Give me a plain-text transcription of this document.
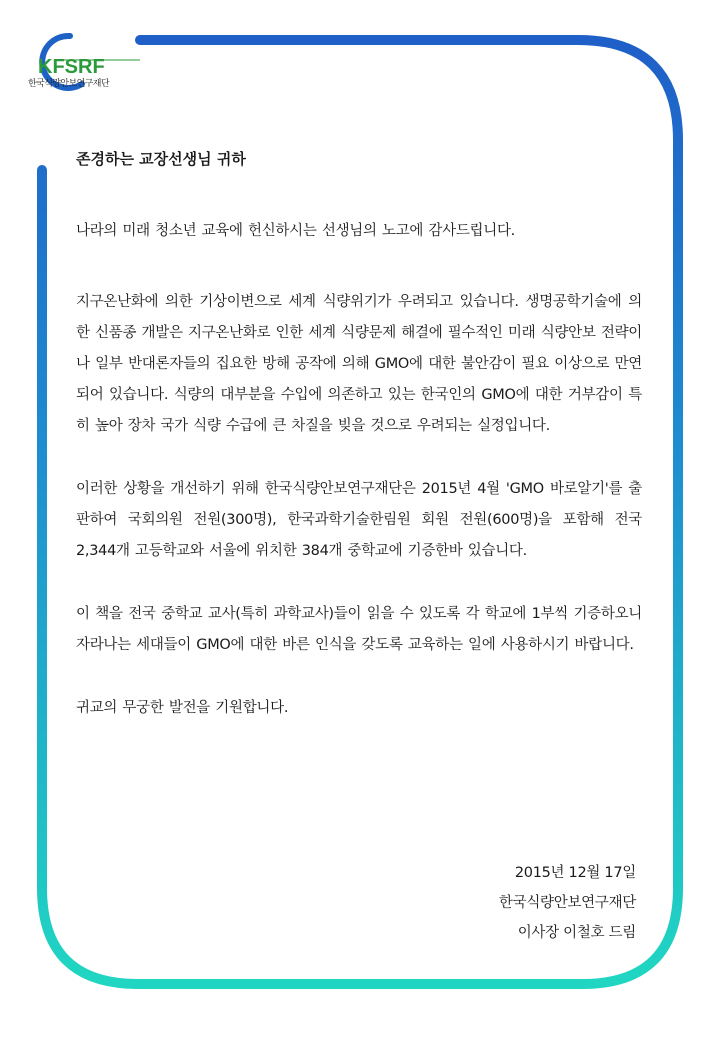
KFSRF
한국식량안보연구재단
존경하는 교장선생님 귀하

나라의 미래 청소년 교육에 헌신하시는 선생님의 노고에 감사드립니다.

지구온난화에 의한 기상이변으로 세계 식량위기가 우려되고 있습니다. 생명공학기술에 의한 신품종 개발은 지구온난화로 인한 세계 식량문제 해결에 필수적인 미래 식량안보 전략이나 일부 반대론자들의 집요한 방해 공작에 의해 GMO에 대한 불안감이 필요 이상으로 만연되어 있습니다. 식량의 대부분을 수입에 의존하고 있는 한국인의 GMO에 대한 거부감이 특히 높아 장차 국가 식량 수급에 큰 차질을 빚을 것으로 우려되는 실정입니다.

이러한 상황을 개선하기 위해 한국식량안보연구재단은 2015년 4월 'GMO 바로알기'를 출판하여 국회의원 전원(300명), 한국과학기술한림원 회원 전원(600명)을 포함해 전국 2,344개 고등학교와 서울에 위치한 384개 중학교에 기증한바 있습니다.

이 책을 전국 중학교 교사(특히 과학교사)들이 읽을 수 있도록 각 학교에 1부씩 기증하오니 자라나는 세대들이 GMO에 대한 바른 인식을 갖도록 교육하는 일에 사용하시기 바랍니다.

귀교의 무궁한 발전을 기원합니다.

2015년 12월 17일
한국식량안보연구재단
이사장 이철호 드림
